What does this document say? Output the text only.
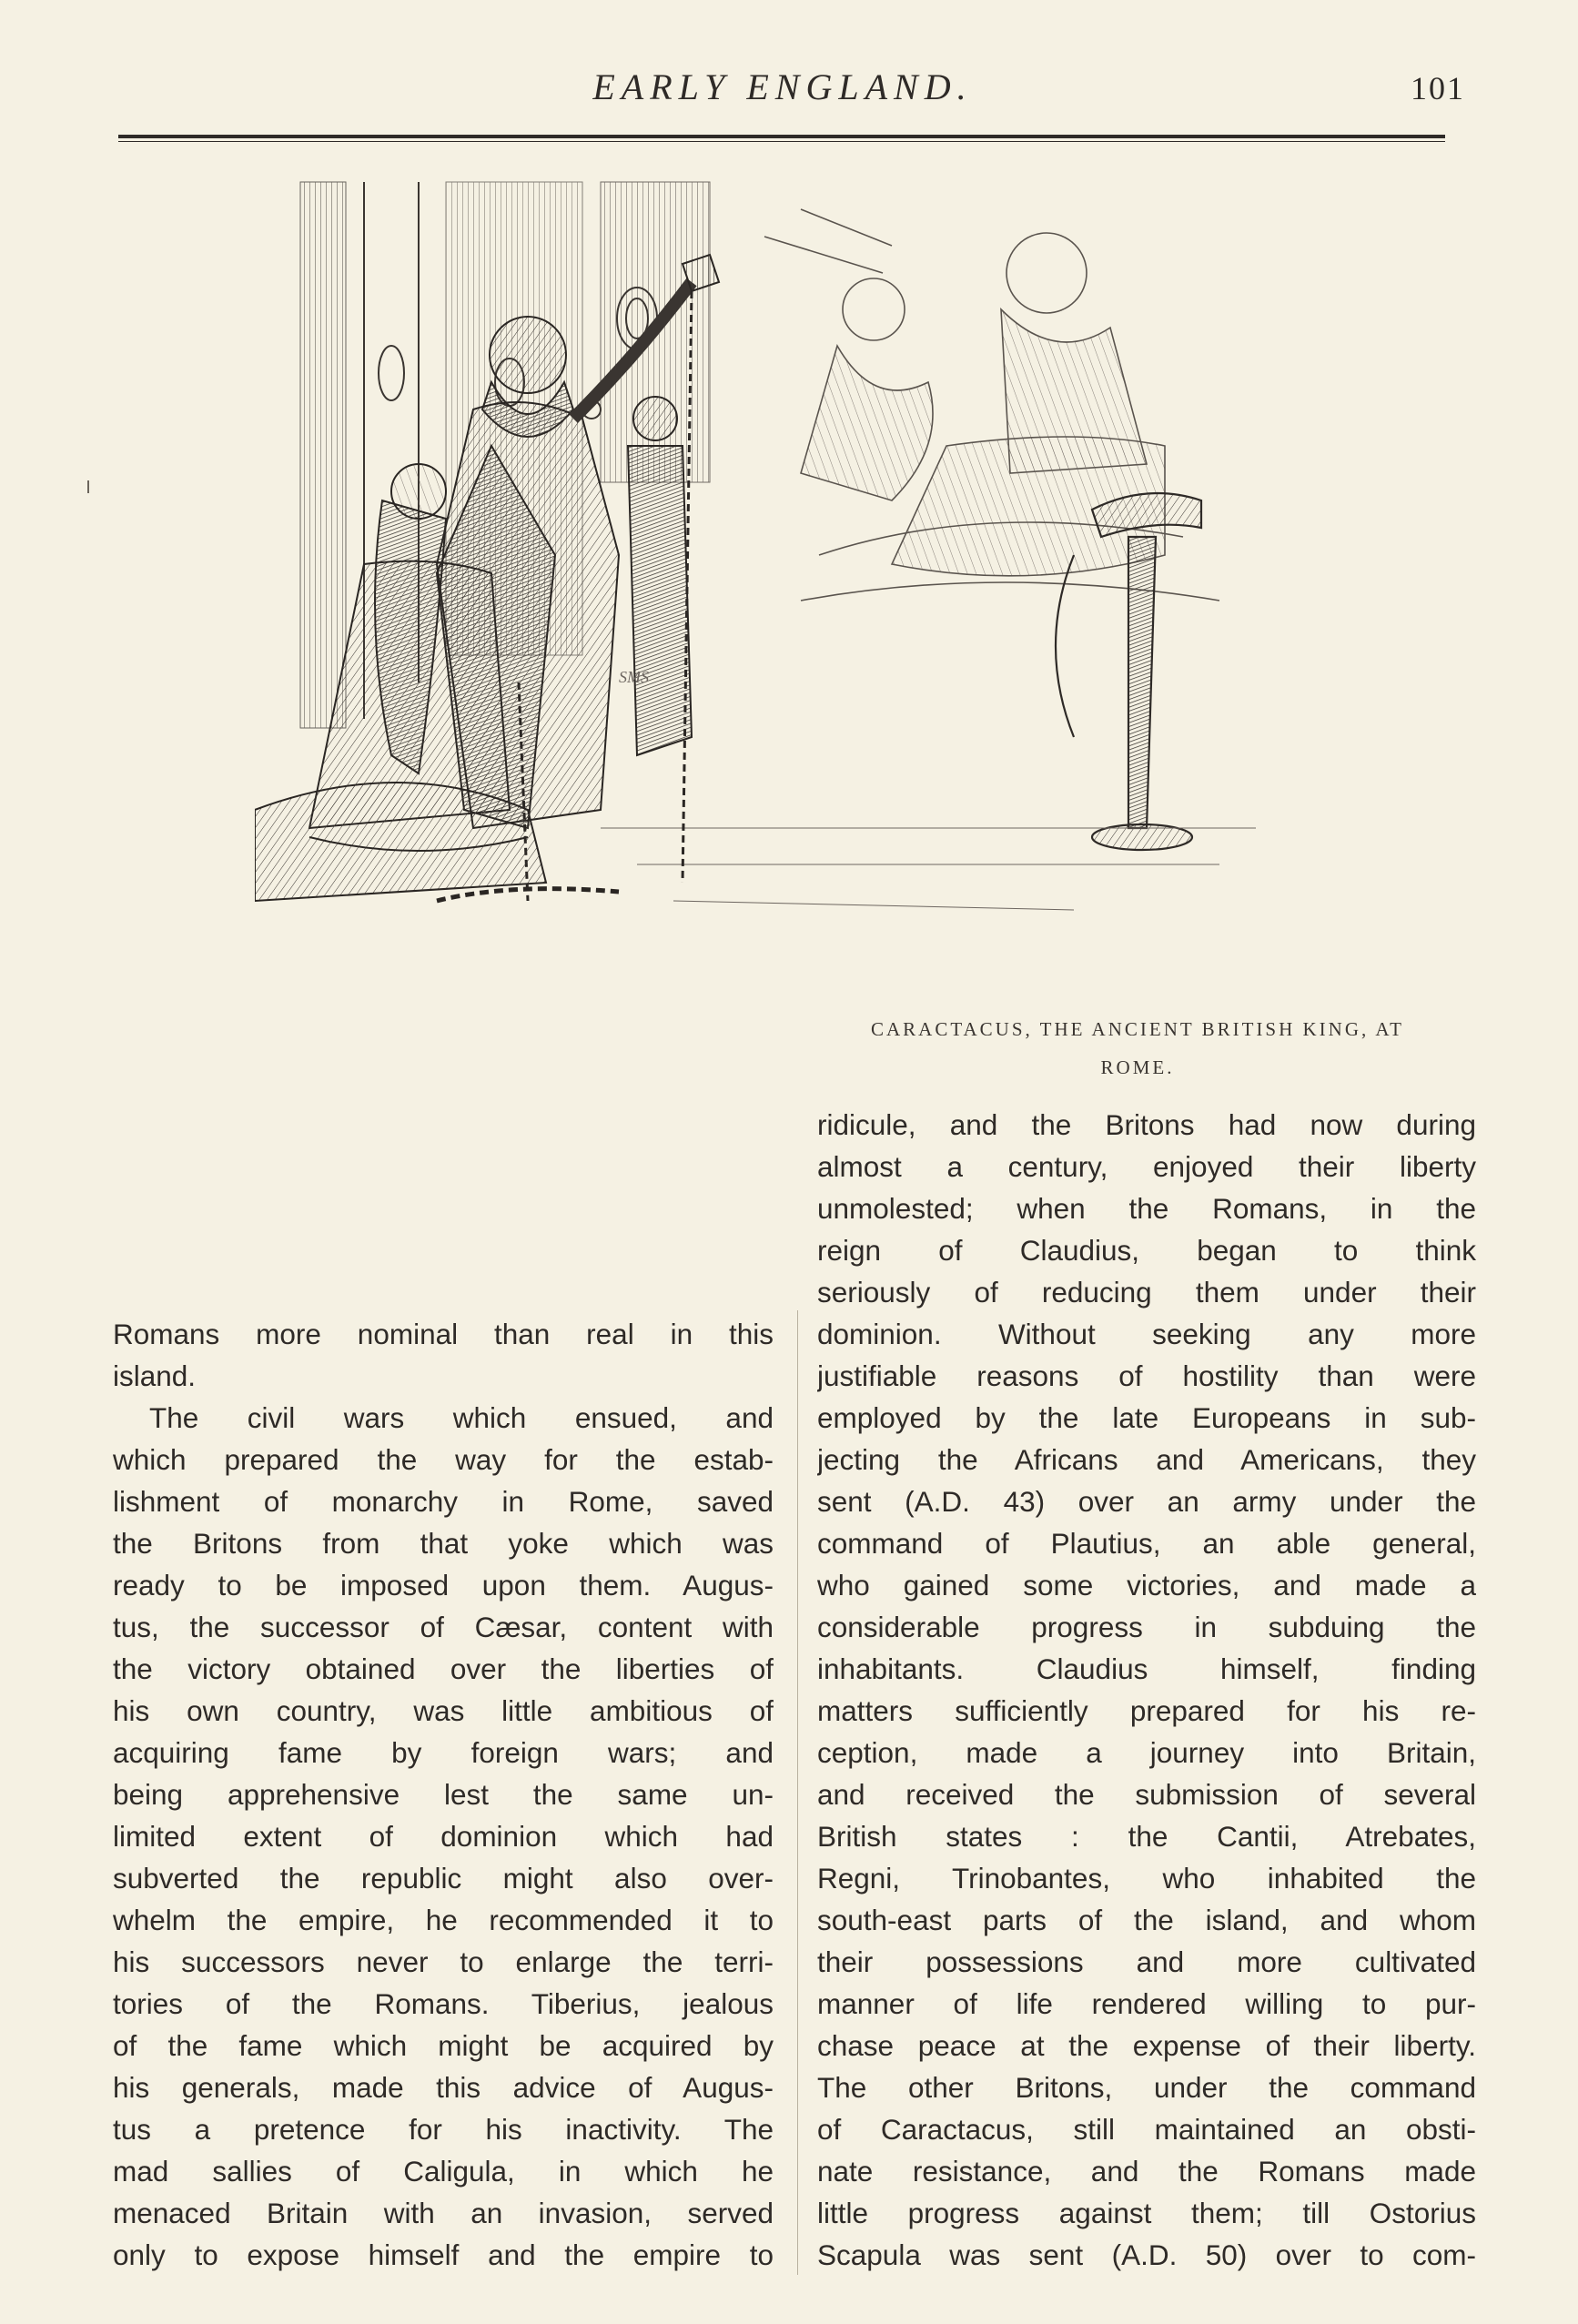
EARLY ENGLAND.	101
SMS
CARACTACUS, THE ANCIENT BRITISH KING, AT
ROME.
Romans more nominal than real in this
island.
The civil wars which ensued, and
which prepared the way for the estab-
lishment of monarchy in Rome, saved
the Britons from that yoke which was
ready to be imposed upon them. Augus-
tus, the successor of Cæsar, content with
the victory obtained over the liberties of
his own country, was little ambitious of
acquiring fame by foreign wars; and
being apprehensive lest the same un-
limited extent of dominion which had
subverted the republic might also over-
whelm the empire, he recommended it to
his successors never to enlarge the terri-
tories of the Romans. Tiberius, jealous
of the fame which might be acquired by
his generals, made this advice of Augus-
tus a pretence for his inactivity. The
mad sallies of Caligula, in which he
menaced Britain with an invasion, served
only to expose himself and the empire to
ridicule, and the Britons had now during
almost a century, enjoyed their liberty
unmolested; when the Romans, in the
reign of Claudius, began to think
seriously of reducing them under their
dominion. Without seeking any more
justifiable reasons of hostility than were
employed by the late Europeans in sub-
jecting the Africans and Americans, they
sent (A.D. 43) over an army under the
command of Plautius, an able general,
who gained some victories, and made a
considerable progress in subduing the
inhabitants. Claudius himself, finding
matters sufficiently prepared for his re-
ception, made a journey into Britain,
and received the submission of several
British states : the Cantii, Atrebates,
Regni, Trinobantes, who inhabited the
south-east parts of the island, and whom
their possessions and more cultivated
manner of life rendered willing to pur-
chase peace at the expense of their liberty.
The other Britons, under the command
of Caractacus, still maintained an obsti-
nate resistance, and the Romans made
little progress against them; till Ostorius
Scapula was sent (A.D. 50) over to com-
